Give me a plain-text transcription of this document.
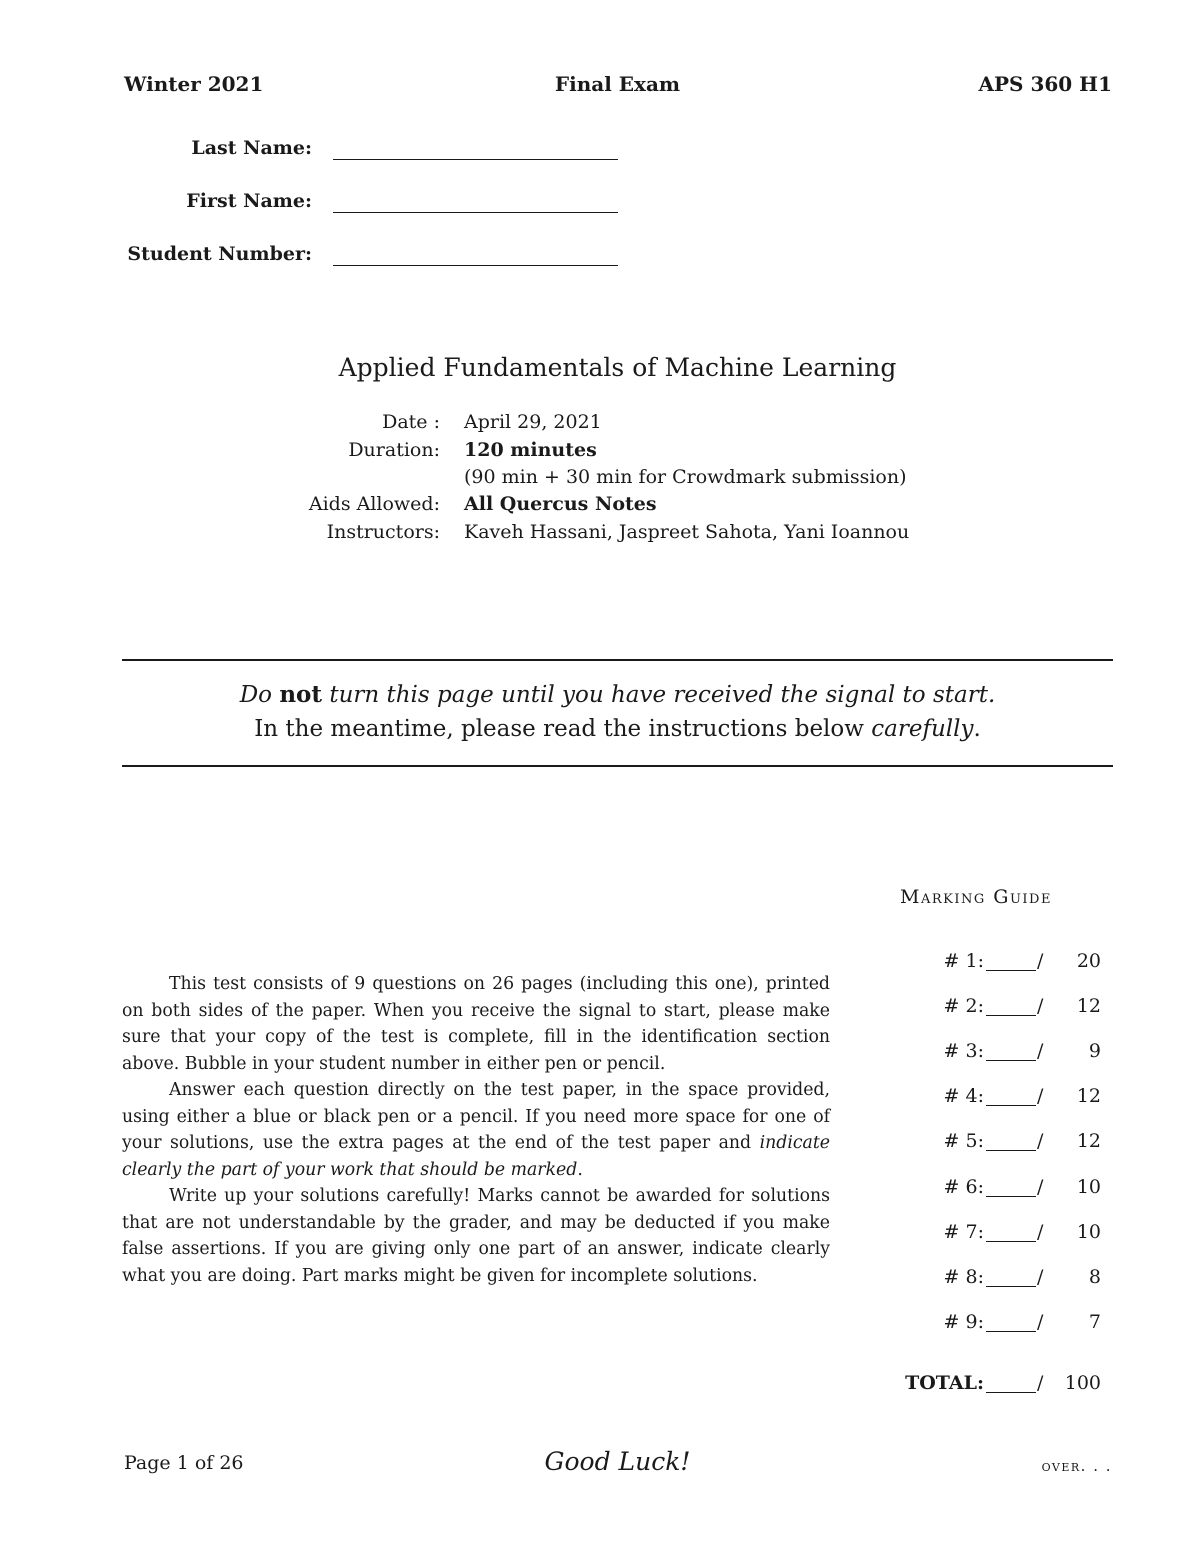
Winter 2021	Final Exam	APS 360 H1
Last Name:
First Name:
Student Number:
Applied Fundamentals of Machine Learning
Date : April 29, 2021
Duration: 120 minutes
(90 min + 30 min for Crowdmark submission)
Aids Allowed: All Quercus Notes
Instructors: Kaveh Hassani, Jaspreet Sahota, Yani Ioannou
Do not turn this page until you have received the signal to start.
In the meantime, please read the instructions below carefully.
Marking Guide
# 1:	/	20
# 2:	/	12
# 3:	/	9
# 4:	/	12
# 5:	/	12
# 6:	/	10
# 7:	/	10
# 8:	/	8
# 9:	/	7
TOTAL:	/	100

This test consists of 9 questions on 26 pages (including this one), printed on both sides of the paper. When you receive the signal to start, please make sure that your copy of the test is complete, fill in the identification section above. Bubble in your student number in either pen or pencil.

Answer each question directly on the test paper, in the space provided, using either a blue or black pen or a pencil. If you need more space for one of your solutions, use the extra pages at the end of the test paper and indicate clearly the part of your work that should be marked.

Write up your solutions carefully! Marks cannot be awarded for solutions that are not understandable by the grader, and may be deducted if you make false assertions. If you are giving only one part of an answer, indicate clearly what you are doing. Part marks might be given for incomplete solutions.

Page 1 of 26	Good Luck!	over. . .
